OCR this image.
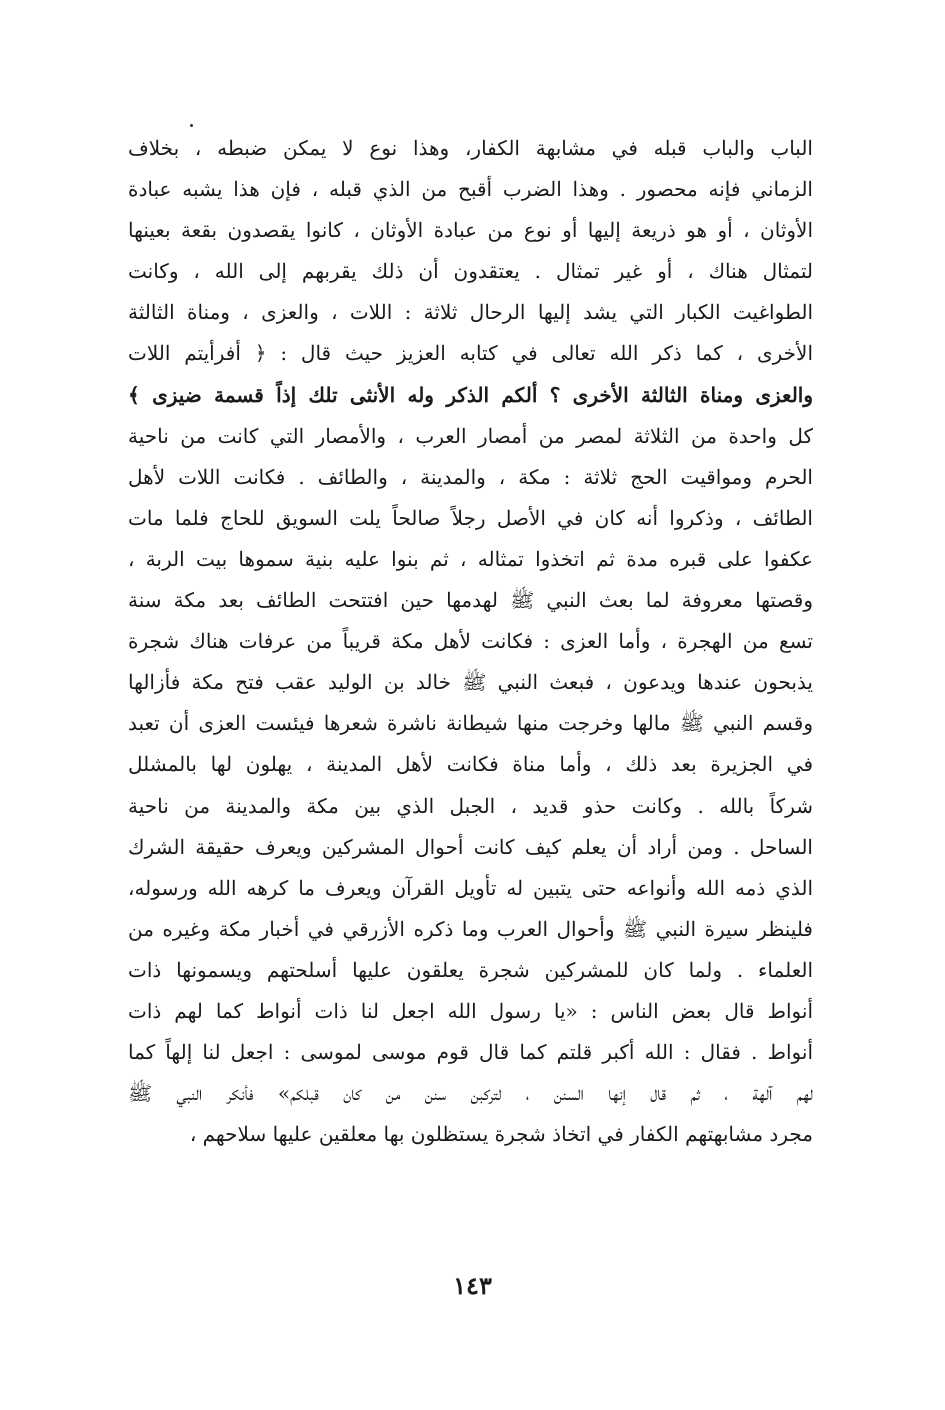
الباب والباب قبله في مشابهة الكفار، وهذا نوع لا يمكن ضبطه ، بخلاف
الزماني فإنه محصور . وهذا الضرب أقبح من الذي قبله ، فإن هذا يشبه عبادة
الأوثان ، أو هو ذريعة إليها أو نوع من عبادة الأوثان ، كانوا يقصدون بقعة بعينها
لتمثال هناك ، أو غير تمثال . يعتقدون أن ذلك يقربهم إلى الله ، وكانت
الطواغيت الكبار التي يشد إليها الرحال ثلاثة : اللات ، والعزى ، ومناة الثالثة
الأخرى ، كما ذكر الله تعالى في كتابه العزيز حيث قال : ﴿ أفرأيتم اللات
والعزى ومناة الثالثة الأخرى ؟ ألكم الذكر وله الأنثى تلك إذاً قسمة ضيزى ﴾
كل واحدة من الثلاثة لمصر من أمصار العرب ، والأمصار التي كانت من ناحية
الحرم ومواقيت الحج ثلاثة : مكة ، والمدينة ، والطائف . فكانت اللات لأهل
الطائف ، وذكروا أنه كان في الأصل رجلاً صالحاً يلت السويق للحاج فلما مات
عكفوا على قبره مدة ثم اتخذوا تمثاله ، ثم بنوا عليه بنية سموها بيت الربة ،
وقصتها معروفة لما بعث النبي ﷺ لهدمها حين افتتحت الطائف بعد مكة سنة
تسع من الهجرة ، وأما العزى : فكانت لأهل مكة قريباً من عرفات هناك شجرة
يذبحون عندها ويدعون ، فبعث النبي ﷺ خالد بن الوليد عقب فتح مكة فأزالها
وقسم النبي ﷺ مالها وخرجت منها شيطانة ناشرة شعرها فيئست العزى أن تعبد
في الجزيرة بعد ذلك ، وأما مناة فكانت لأهل المدينة ، يهلون لها بالمشلل
شركاً بالله . وكانت حذو قديد ، الجبل الذي بين مكة والمدينة من ناحية
الساحل . ومن أراد أن يعلم كيف كانت أحوال المشركين ويعرف حقيقة الشرك
الذي ذمه الله وأنواعه حتى يتبين له تأويل القرآن ويعرف ما كرهه الله ورسوله،
فلينظر سيرة النبي ﷺ وأحوال العرب وما ذكره الأزرقي في أخبار مكة وغيره من
العلماء . ولما كان للمشركين شجرة يعلقون عليها أسلحتهم ويسمونها ذات
أنواط قال بعض الناس : «يا رسول الله اجعل لنا ذات أنواط كما لهم ذات
أنواط . فقال : الله أكبر قلتم كما قال قوم موسى لموسى : اجعل لنا إلهاً كما
لهم آلهة ، ثم قال إنها السنن ، لتركبن سنن من كان قبلكم» فأنكر النبي ﷺ
مجرد مشابهتهم الكفار في اتخاذ شجرة يستظلون بها معلقين عليها سلاحهم ،
١٤٣
